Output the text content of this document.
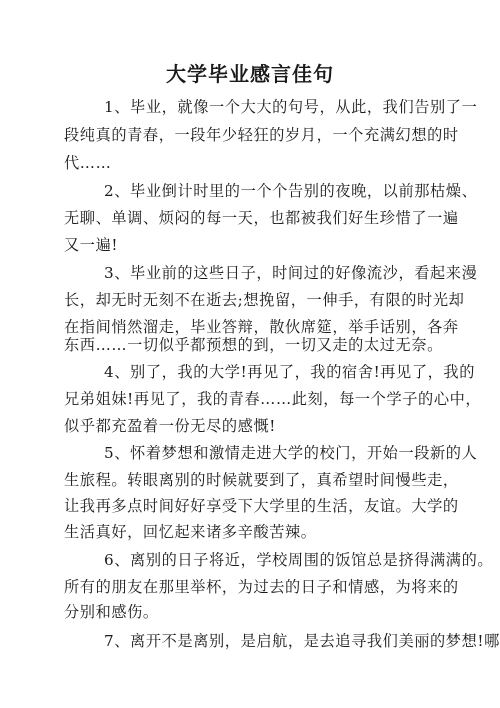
大学毕业感言佳句
1、毕业，就像一个大大的句号，从此，我们告别了一
段纯真的青春，一段年少轻狂的岁月，一个充满幻想的时
代……
2、毕业倒计时里的一个个告别的夜晚，以前那枯燥、
无聊、单调、烦闷的每一天，也都被我们好生珍惜了一遍
又一遍!
3、毕业前的这些日子，时间过的好像流沙，看起来漫
长，却无时无刻不在逝去;想挽留，一伸手，有限的时光却
在指间悄然溜走，毕业答辩，散伙席筵，举手话别，各奔
东西……一切似乎都预想的到，一切又走的太过无奈。
4、别了，我的大学!再见了，我的宿舍!再见了，我的
兄弟姐妹!再见了，我的青春……此刻，每一个学子的心中，
似乎都充盈着一份无尽的感慨!
5、怀着梦想和激情走进大学的校门，开始一段新的人
生旅程。转眼离别的时候就要到了，真希望时间慢些走，
让我再多点时间好好享受下大学里的生活，友谊。大学的
生活真好，回忆起来诸多辛酸苦辣。
6、离别的日子将近，学校周围的饭馆总是挤得满满的。
所有的朋友在那里举杯，为过去的日子和情感，为将来的
分别和感伤。
7、离开不是离别，是启航，是去追寻我们美丽的梦想!哪
